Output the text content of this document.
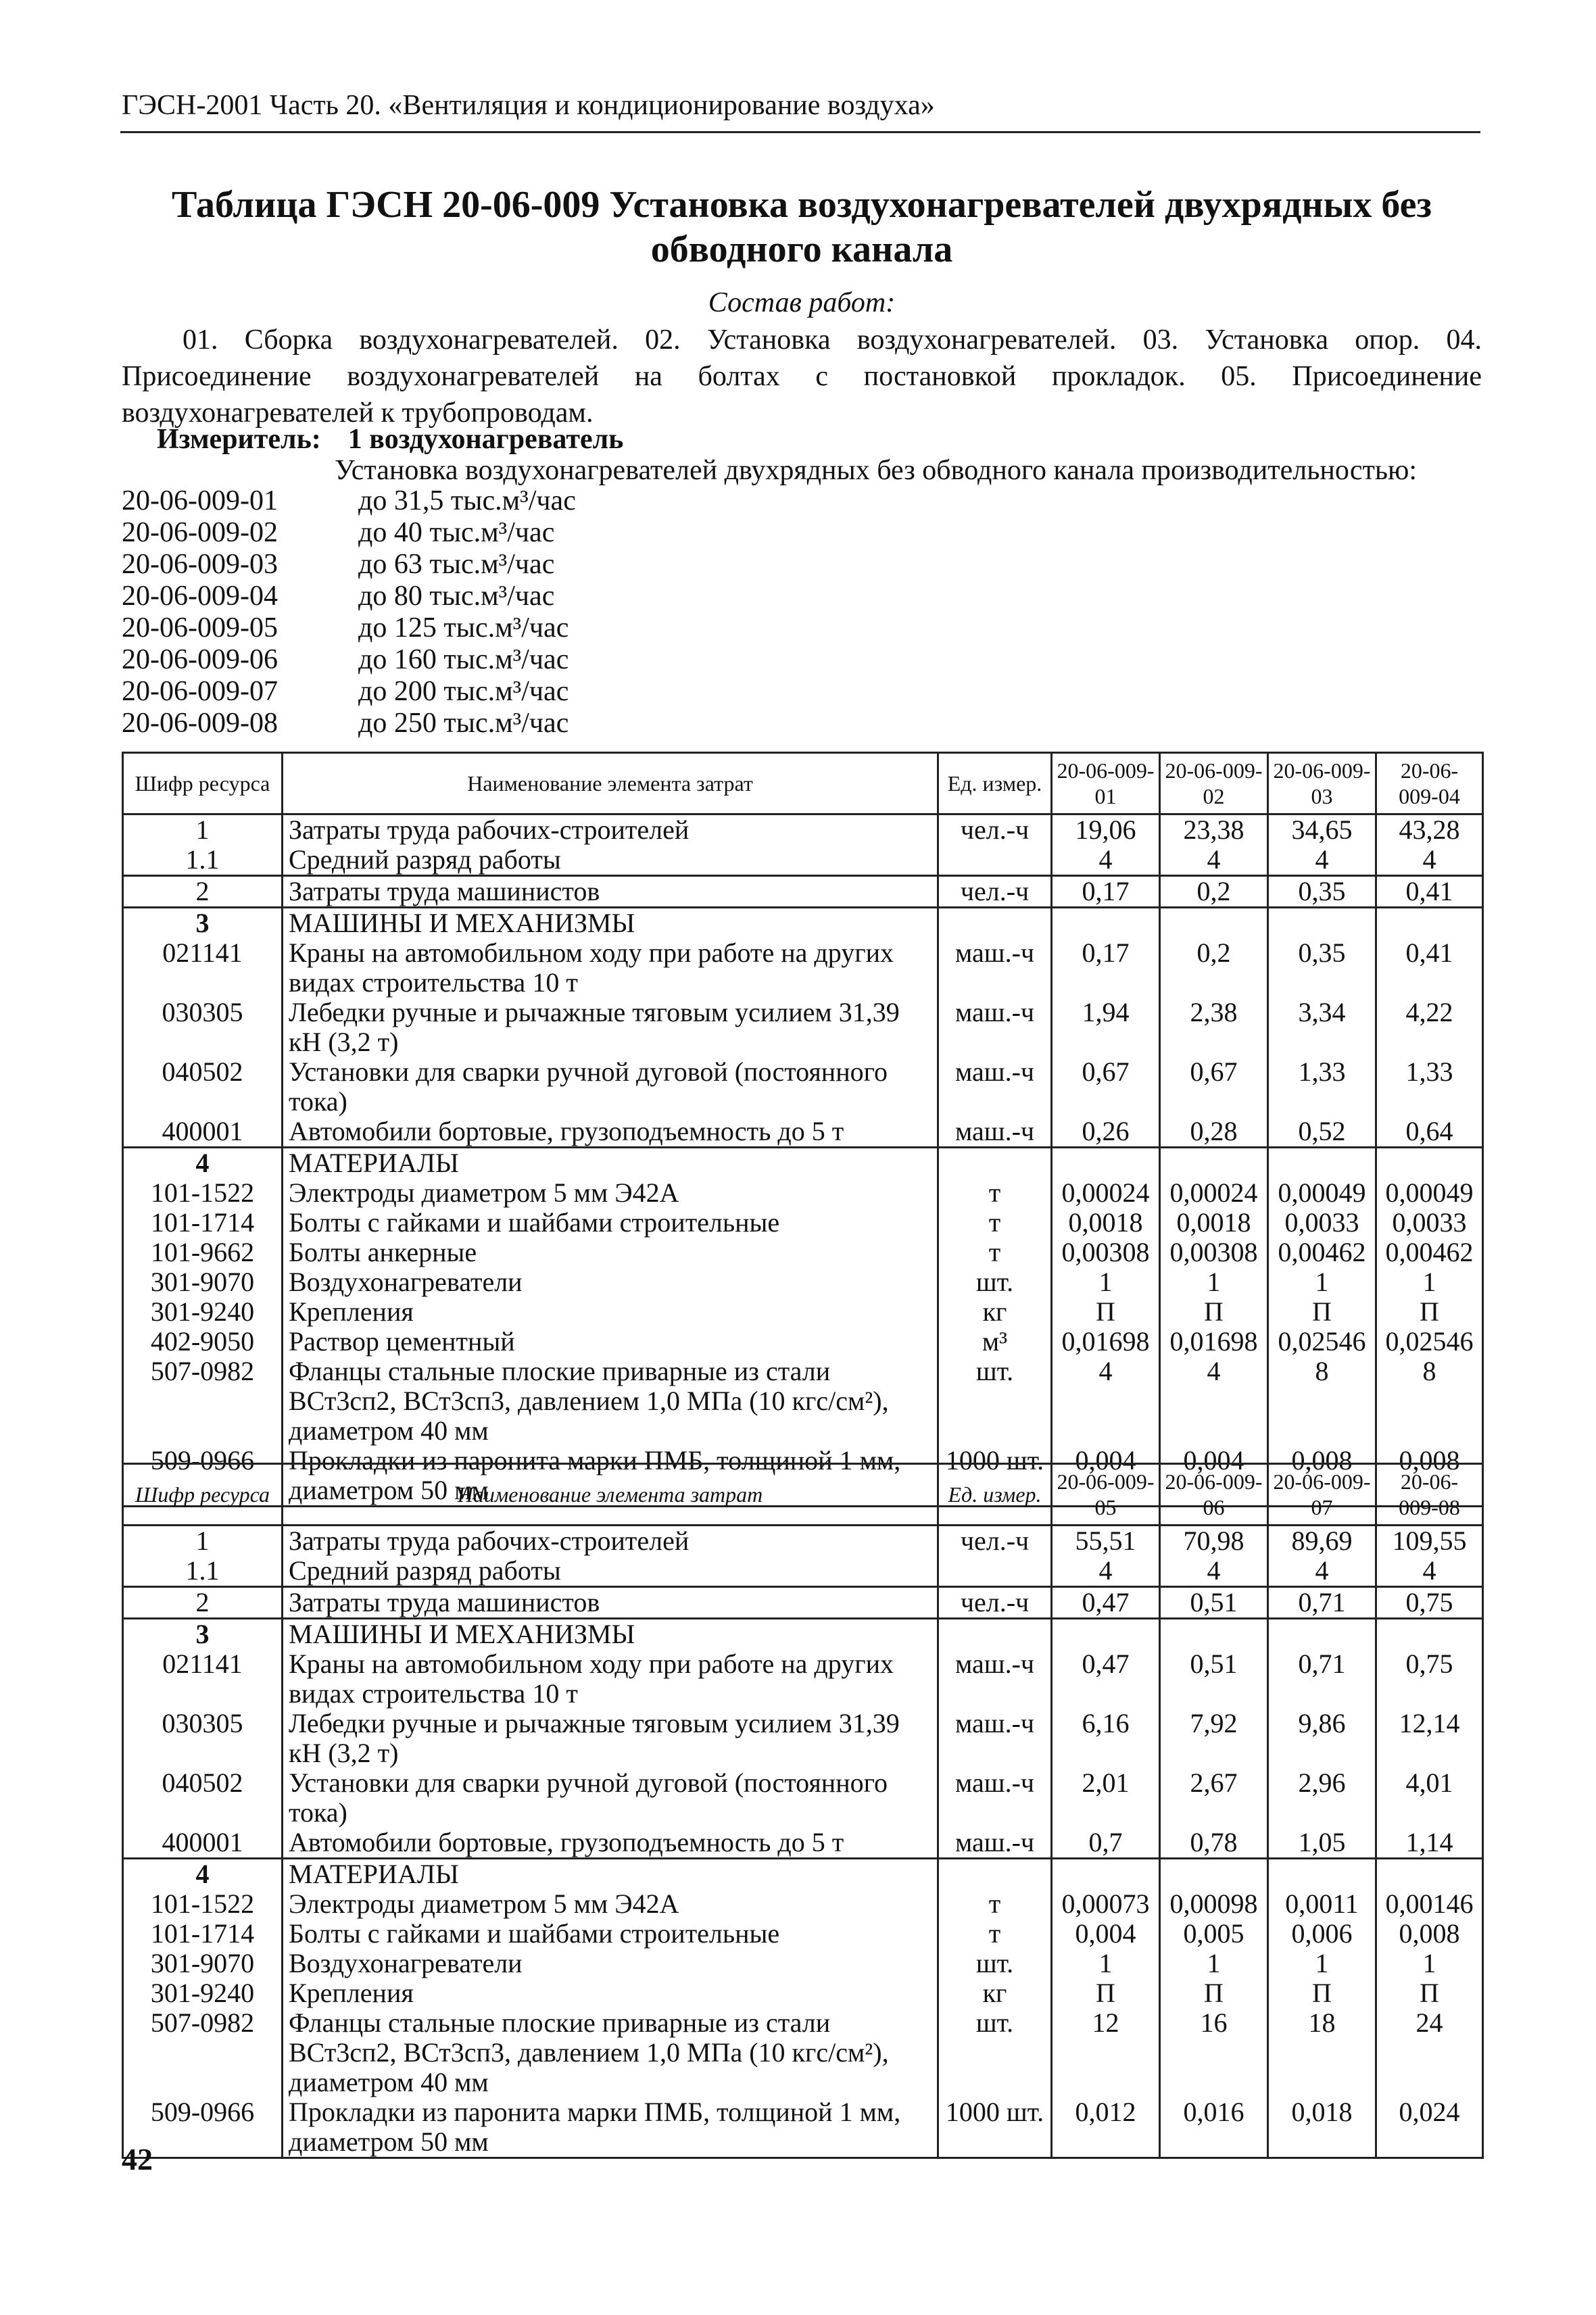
ГЭСН-2001 Часть 20. «Вентиляция и кондиционирование воздуха»
Таблица ГЭСН 20-06-009 Установка воздухонагревателей двухрядных без обводного канала
Состав работ:
01. Сборка воздухонагревателей. 02. Установка воздухонагревателей. 03. Установка опор. 04. Присоединение воздухонагревателей на болтах с постановкой прокладок. 05. Присоединение воздухонагревателей к трубопроводам.
Измеритель: 1 воздухонагреватель
Установка воздухонагревателей двухрядных без обводного канала производительностью:
20-06-009-01	до 31,5 тыс.м³/час
20-06-009-02	до 40 тыс.м³/час
20-06-009-03	до 63 тыс.м³/час
20-06-009-04	до 80 тыс.м³/час
20-06-009-05	до 125 тыс.м³/час
20-06-009-06	до 160 тыс.м³/час
20-06-009-07	до 200 тыс.м³/час
20-06-009-08	до 250 тыс.м³/час
Шифр ресурса	Наименование элемента затрат	Ед. измер.	20-06-009-01	20-06-009-02	20-06-009-03	20-06-009-04
1	Затраты труда рабочих-строителей	чел.-ч	19,06	23,38	34,65	43,28
1.1	Средний разряд работы		4	4	4	4
2	Затраты труда машинистов	чел.-ч	0,17	0,2	0,35	0,41
3	МАШИНЫ И МЕХАНИЗМЫ					
021141	Краны на автомобильном ходу при работе на других видах строительства 10 т	маш.-ч	0,17	0,2	0,35	0,41
030305	Лебедки ручные и рычажные тяговым усилием 31,39 кН (3,2 т)	маш.-ч	1,94	2,38	3,34	4,22
040502	Установки для сварки ручной дуговой (постоянного тока)	маш.-ч	0,67	0,67	1,33	1,33
400001	Автомобили бортовые, грузоподъемность до 5 т	маш.-ч	0,26	0,28	0,52	0,64
4	МАТЕРИАЛЫ					
101-1522	Электроды диаметром 5 мм Э42А	т	0,00024	0,00024	0,00049	0,00049
101-1714	Болты с гайками и шайбами строительные	т	0,0018	0,0018	0,0033	0,0033
101-9662	Болты анкерные	т	0,00308	0,00308	0,00462	0,00462
301-9070	Воздухонагреватели	шт.	1	1	1	1
301-9240	Крепления	кг	П	П	П	П
402-9050	Раствор цементный	м³	0,01698	0,01698	0,02546	0,02546
507-0982	Фланцы стальные плоские приварные из стали ВСт3сп2, ВСт3сп3, давлением 1,0 МПа (10 кгс/см²), диаметром 40 мм	шт.	4	4	8	8
509-0966	Прокладки из паронита марки ПМБ, толщиной 1 мм, диаметром 50 мм	1000 шт.	0,004	0,004	0,008	0,008
Шифр ресурса	Наименование элемента затрат	Ед. измер.	20-06-009-05	20-06-009-06	20-06-009-07	20-06-009-08
1	Затраты труда рабочих-строителей	чел.-ч	55,51	70,98	89,69	109,55
1.1	Средний разряд работы		4	4	4	4
2	Затраты труда машинистов	чел.-ч	0,47	0,51	0,71	0,75
3	МАШИНЫ И МЕХАНИЗМЫ					
021141	Краны на автомобильном ходу при работе на других видах строительства 10 т	маш.-ч	0,47	0,51	0,71	0,75
030305	Лебедки ручные и рычажные тяговым усилием 31,39 кН (3,2 т)	маш.-ч	6,16	7,92	9,86	12,14
040502	Установки для сварки ручной дуговой (постоянного тока)	маш.-ч	2,01	2,67	2,96	4,01
400001	Автомобили бортовые, грузоподъемность до 5 т	маш.-ч	0,7	0,78	1,05	1,14
4	МАТЕРИАЛЫ					
101-1522	Электроды диаметром 5 мм Э42А	т	0,00073	0,00098	0,0011	0,00146
101-1714	Болты с гайками и шайбами строительные	т	0,004	0,005	0,006	0,008
301-9070	Воздухонагреватели	шт.	1	1	1	1
301-9240	Крепления	кг	П	П	П	П
507-0982	Фланцы стальные плоские приварные из стали ВСт3сп2, ВСт3сп3, давлением 1,0 МПа (10 кгс/см²), диаметром 40 мм	шт.	12	16	18	24
509-0966	Прокладки из паронита марки ПМБ, толщиной 1 мм, диаметром 50 мм	1000 шт.	0,012	0,016	0,018	0,024
42
